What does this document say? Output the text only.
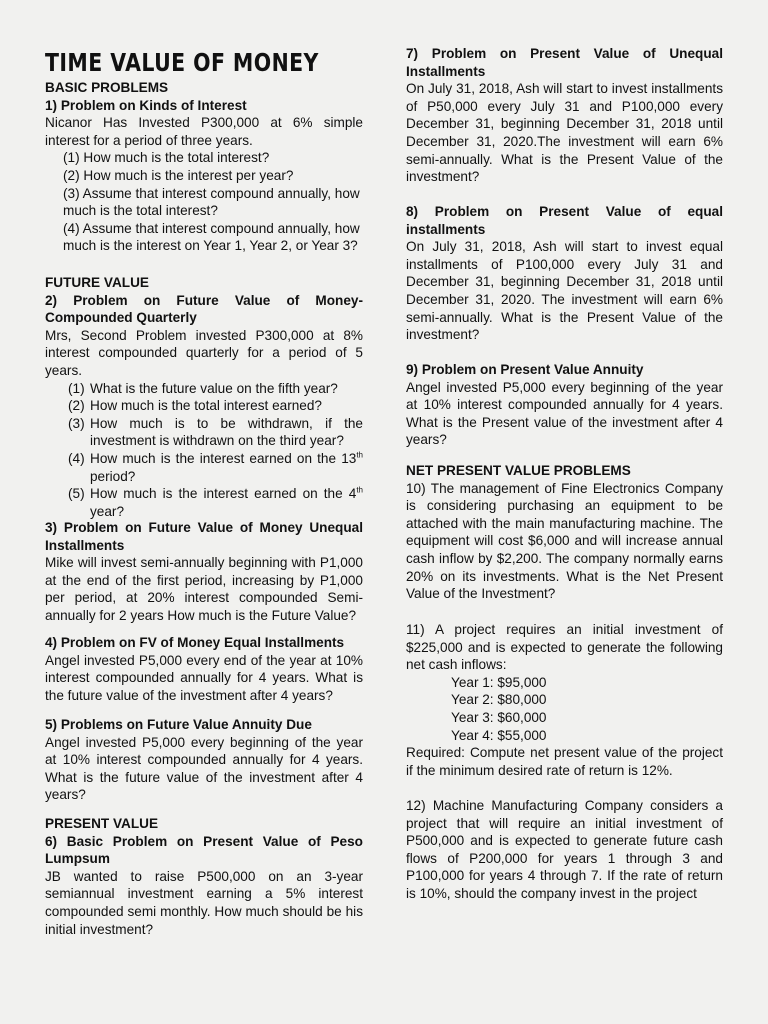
TIME VALUE OF MONEY

BASIC PROBLEMS

1) Problem on Kinds of Interest

Nicanor Has Invested P300,000 at 6% simple interest for a period of three years.

(1) How much is the total interest?
(2) How much is the interest per year?
(3) Assume that interest compound annually, how much is the total interest?
(4) Assume that interest compound annually, how much is the interest on Year 1, Year 2, or Year 3?

FUTURE VALUE

2) Problem on Future Value of Money-Compounded Quarterly

Mrs, Second Problem invested P300,000 at 8% interest compounded quarterly for a period of 5 years.

(1) What is the future value on the fifth year?
(2) How much is the total interest earned?
(3) How much is to be withdrawn, if the investment is withdrawn on the third year?
(4) How much is the interest earned on the 13th period?
(5) How much is the interest earned on the 4th year?

3) Problem on Future Value of Money Unequal Installments

Mike will invest semi-annually beginning with P1,000 at the end of the first period, increasing by P1,000 per period, at 20% interest compounded Semi-annually for 2 years How much is the Future Value?

4) Problem on FV of Money Equal Installments

Angel invested P5,000 every end of the year at 10% interest compounded annually for 4 years. What is the future value of the investment after 4 years?

5) Problems on Future Value Annuity Due

Angel invested P5,000 every beginning of the year at 10% interest compounded annually for 4 years. What is the future value of the investment after 4 years?

PRESENT VALUE

6) Basic Problem on Present Value of Peso Lumpsum

JB wanted to raise P500,000 on an 3-year semiannual investment earning a 5% interest compounded semi monthly. How much should be his initial investment?

7) Problem on Present Value of Unequal Installments

On July 31, 2018, Ash will start to invest installments of P50,000 every July 31 and P100,000 every December 31, beginning December 31, 2018 until December 31, 2020.The investment will earn 6% semi-annually. What is the Present Value of the investment?

8) Problem on Present Value of equal installments

On July 31, 2018, Ash will start to invest equal installments of P100,000 every July 31 and December 31, beginning December 31, 2018 until December 31, 2020. The investment will earn 6% semi-annually. What is the Present Value of the investment?

9) Problem on Present Value Annuity

Angel invested P5,000 every beginning of the year at 10% interest compounded annually for 4 years. What is the Present value of the investment after 4 years?

NET PRESENT VALUE PROBLEMS

10) The management of Fine Electronics Company is considering purchasing an equipment to be attached with the main manufacturing machine. The equipment will cost $6,000 and will increase annual cash inflow by $2,200. The company normally earns 20% on its investments. What is the Net Present Value of the Investment?

11) A project requires an initial investment of $225,000 and is expected to generate the following net cash inflows:

Year 1: $95,000
Year 2: $80,000
Year 3: $60,000
Year 4: $55,000

Required: Compute net present value of the project if the minimum desired rate of return is 12%.

12) Machine Manufacturing Company considers a project that will require an initial investment of P500,000 and is expected to generate future cash flows of P200,000 for years 1 through 3 and P100,000 for years 4 through 7. If the rate of return is 10%, should the company invest in the project
